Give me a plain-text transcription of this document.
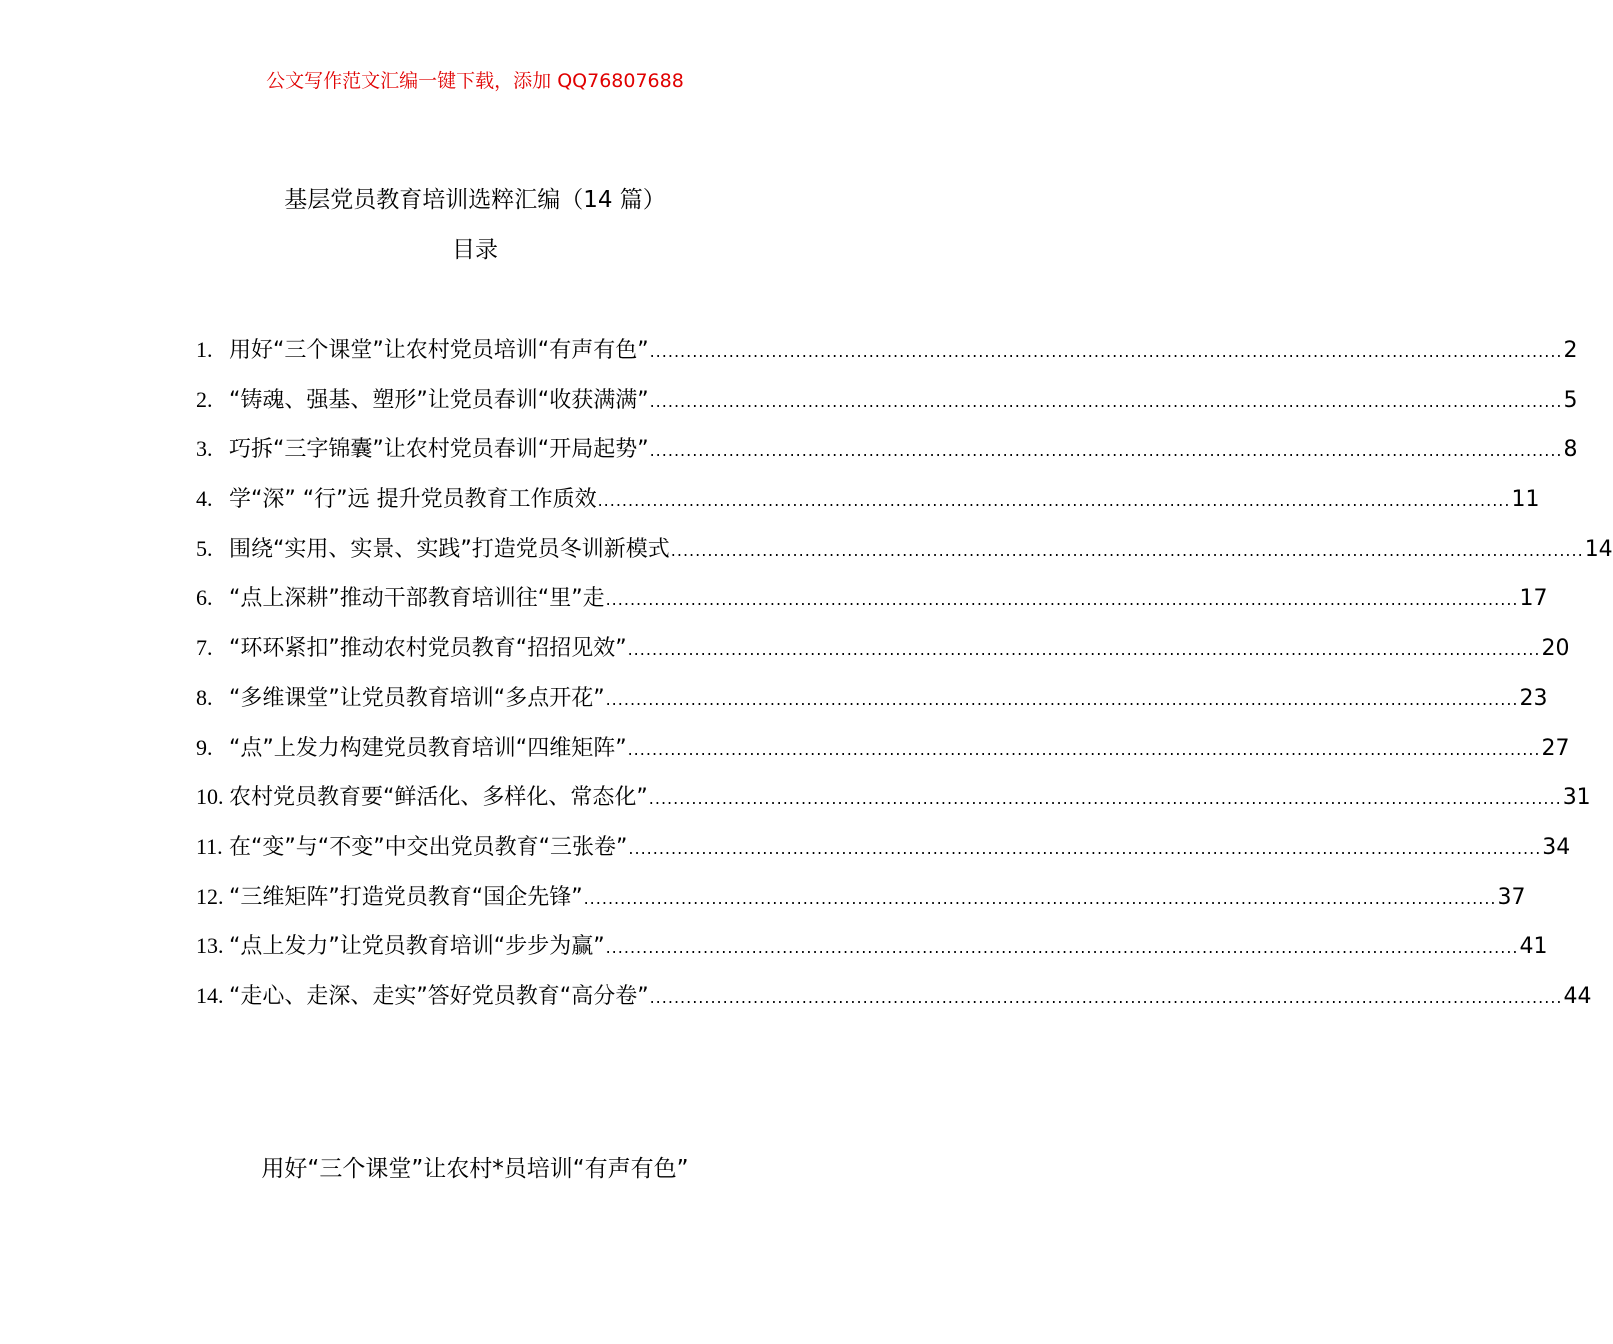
公文写作范文汇编一键下载，添加 QQ76807688
基层党员教育培训选粹汇编（14 篇）
目录
1. 用好“三个课堂”让农村党员培训“有声有色” .....	2
2. “铸魂、强基、塑形”让党员春训“收获满满” .....	5
3. 巧拆“三字锦囊”让农村党员春训“开局起势” .....	8
4. 学“深” “行”远 提升党员教育工作质效 .....	11
5. 围绕“实用、实景、实践”打造党员冬训新模式 .....	14
6. “点上深耕”推动干部教育培训往“里”走 .....	17
7. “环环紧扣”推动农村党员教育“招招见效” .....	20
8. “多维课堂”让党员教育培训“多点开花” .....	23
9. “点”上发力构建党员教育培训“四维矩阵” .....	27
10. 农村党员教育要“鲜活化、多样化、常态化” .....	31
11. 在“变”与“不变”中交出党员教育“三张卷” .....	34
12. “三维矩阵”打造党员教育“国企先锋” .....	37
13. “点上发力”让党员教育培训“步步为赢” .....	41
14. “走心、走深、走实”答好党员教育“高分卷” .....	44
用好“三个课堂”让农村*员培训“有声有色”
